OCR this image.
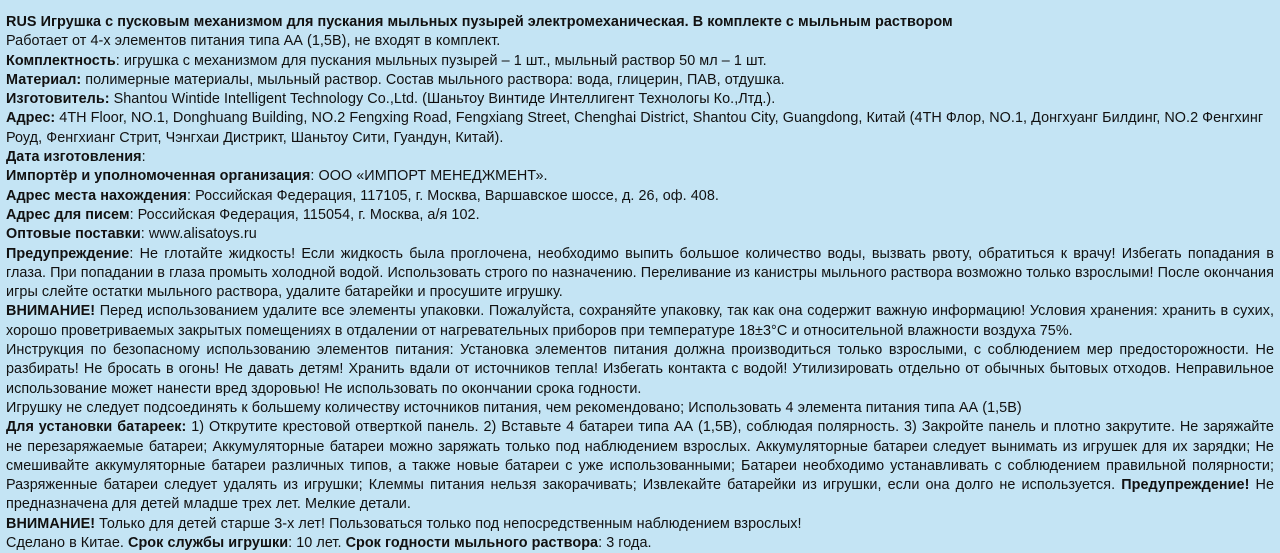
RUS Игрушка с пусковым механизмом для пускания мыльных пузырей электромеханическая. В комплекте с мыльным раствором

Работает от 4-х элементов питания типа АА (1,5В), не входят в комплект.

Комплектность: игрушка с механизмом для пускания мыльных пузырей – 1 шт., мыльный раствор 50 мл – 1 шт.

Материал: полимерные материалы, мыльный раствор. Состав мыльного раствора: вода, глицерин, ПАВ, отдушка.

Изготовитель: Shantou Wintide Intelligent Technology Co.,Ltd. (Шаньтоу Винтиде Интеллигент Технологы Ко.,Лтд.).

Адрес: 4TH Floor, NO.1, Donghuang Building, NO.2 Fengxing Road, Fengxiang Street, Chenghai District, Shantou City, Guangdong, Китай (4TH Флор, NO.1, Донгхуанг Билдинг, NO.2 Фенгхинг Роуд, Фенгхианг Стрит, Чэнгхаи Дистрикт, Шаньтоу Сити, Гуандун, Китай).

Дата изготовления:

Импортёр и уполномоченная организация: ООО «ИМПОРТ МЕНЕДЖМЕНТ».

Адрес места нахождения: Российская Федерация, 117105, г. Москва, Варшавское шоссе, д. 26, оф. 408.

Адрес для писем: Российская Федерация, 115054, г. Москва, а/я 102.

Оптовые поставки: www.alisatoys.ru

Предупреждение: Не глотайте жидкость! Если жидкость была проглочена, необходимо выпить большое количество воды, вызвать рвоту, обратиться к врачу! Избегать попадания в глаза. При попадании в глаза промыть холодной водой. Использовать строго по назначению. Переливание из канистры мыльного раствора возможно только взрослыми! После окончания игры слейте остатки мыльного раствора, удалите батарейки и просушите игрушку.

ВНИМАНИЕ! Перед использованием удалите все элементы упаковки. Пожалуйста, сохраняйте упаковку, так как она содержит важную информацию! Условия хранения: хранить в сухих, хорошо проветриваемых закрытых помещениях в отдалении от нагревательных приборов при температуре 18±3°С и относительной влажности воздуха 75%.

Инструкция по безопасному использованию элементов питания: Установка элементов питания должна производиться только взрослыми, с соблюдением мер предосторожности. Не разбирать! Не бросать в огонь! Не давать детям! Хранить вдали от источников тепла! Избегать контакта с водой! Утилизировать отдельно от обычных бытовых отходов. Неправильное использование может нанести вред здоровью! Не использовать по окончании срока годности.

Игрушку не следует подсоединять к большему количеству источников питания, чем рекомендовано; Использовать 4 элемента питания типа АА (1,5В)

Для установки батареек: 1) Открутите крестовой отверткой панель. 2) Вставьте 4 батареи типа АА (1,5В), соблюдая полярность. 3) Закройте панель и плотно закрутите. Не заряжайте не перезаряжаемые батареи; Аккумуляторные батареи можно заряжать только под наблюдением взрослых. Аккумуляторные батареи следует вынимать из игрушек для их зарядки; Не смешивайте аккумуляторные батареи различных типов, а также новые батареи с уже использованными; Батареи необходимо устанавливать с соблюдением правильной полярности; Разряженные батареи следует удалять из игрушки; Клеммы питания нельзя закорачивать; Извлекайте батарейки из игрушки, если она долго не используется. Предупреждение! Не предназначена для детей младше трех лет. Мелкие детали.

ВНИМАНИЕ! Только для детей старше 3-х лет! Пользоваться только под непосредственным наблюдением взрослых!

Сделано в Китае. Срок службы игрушки: 10 лет. Срок годности мыльного раствора: 3 года.
